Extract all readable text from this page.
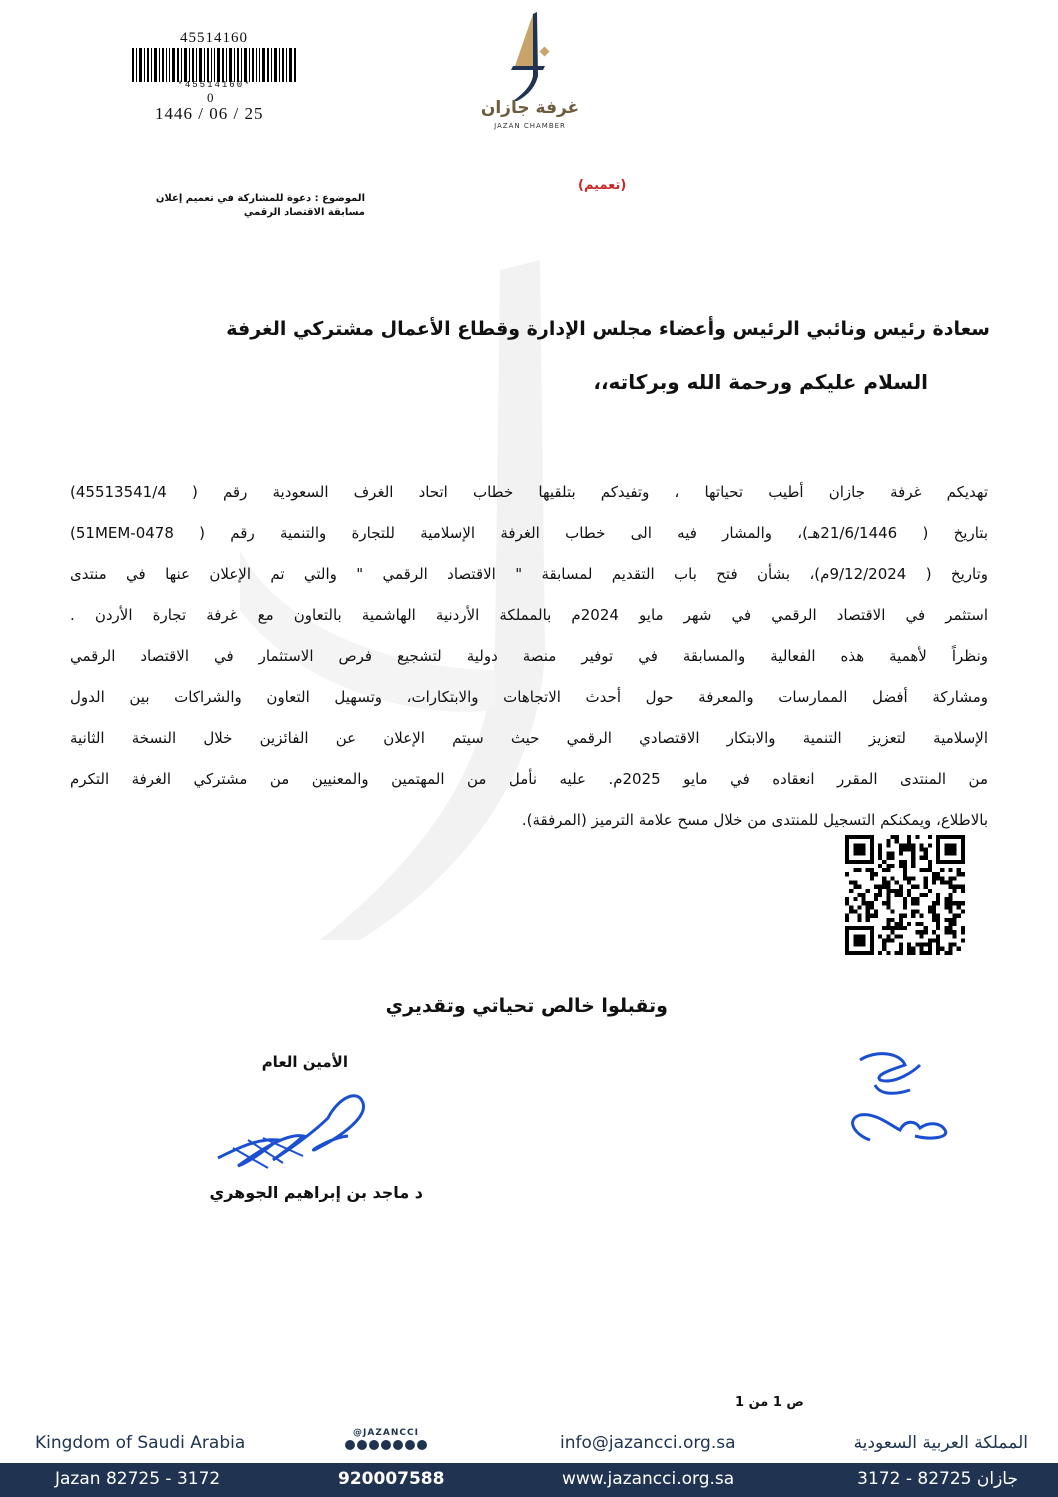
45514160
*45514160*
0
1446 / 06 / 25	غرفة جازان
JAZAN CHAMBER
(تعميم)
الموضوع : دعوة للمشاركة في تعميم إعلان مسابقة الاقتصاد الرقمي
سعادة رئيس ونائبي الرئيس وأعضاء مجلس الإدارة وقطاع الأعمال مشتركي الغرفة
السلام عليكم ورحمة الله وبركاته،،

تهديكم غرفة جازان أطيب تحياتها ، وتفيدكم بتلقيها خطاب اتحاد الغرف السعودية رقم ( 45513541/4)

بتاريخ ( 21/6/1446هـ)، والمشار فيه الى خطاب الغرفة الإسلامية للتجارة والتنمية رقم ( 51MEM-0478)

وتاريخ ( 9/12/2024م)، بشأن فتح باب التقديم لمسابقة " الاقتصاد الرقمي " والتي تم الإعلان عنها في منتدى

استثمر في الاقتصاد الرقمي في شهر مايو 2024م بالمملكة الأردنية الهاشمية بالتعاون مع غرفة تجارة الأردن .

ونظراً لأهمية هذه الفعالية والمسابقة في توفير منصة دولية لتشجيع فرص الاستثمار في الاقتصاد الرقمي

ومشاركة أفضل الممارسات والمعرفة حول أحدث الاتجاهات والابتكارات، وتسهيل التعاون والشراكات بين الدول

الإسلامية لتعزيز التنمية والابتكار الاقتصادي الرقمي حيث سيتم الإعلان عن الفائزين خلال النسخة الثانية

من المنتدى المقرر انعقاده في مايو 2025م. عليه نأمل من المهتمين والمعنيين من مشتركي الغرفة التكرم

بالاطلاع، ويمكنكم التسجيل للمنتدى من خلال مسح علامة الترميز (المرفقة).

وتقبلوا خالص تحياتي وتقديري
الأمين العام
د ماجد بن إبراهيم الجوهري
ص 1 من 1
Kingdom of Saudi Arabia	@JAZANCCI	info@jazancci.org.sa	المملكة العربية السعودية
Jazan 82725 - 3172	920007588	www.jazancci.org.sa	جازان 82725 - 3172
